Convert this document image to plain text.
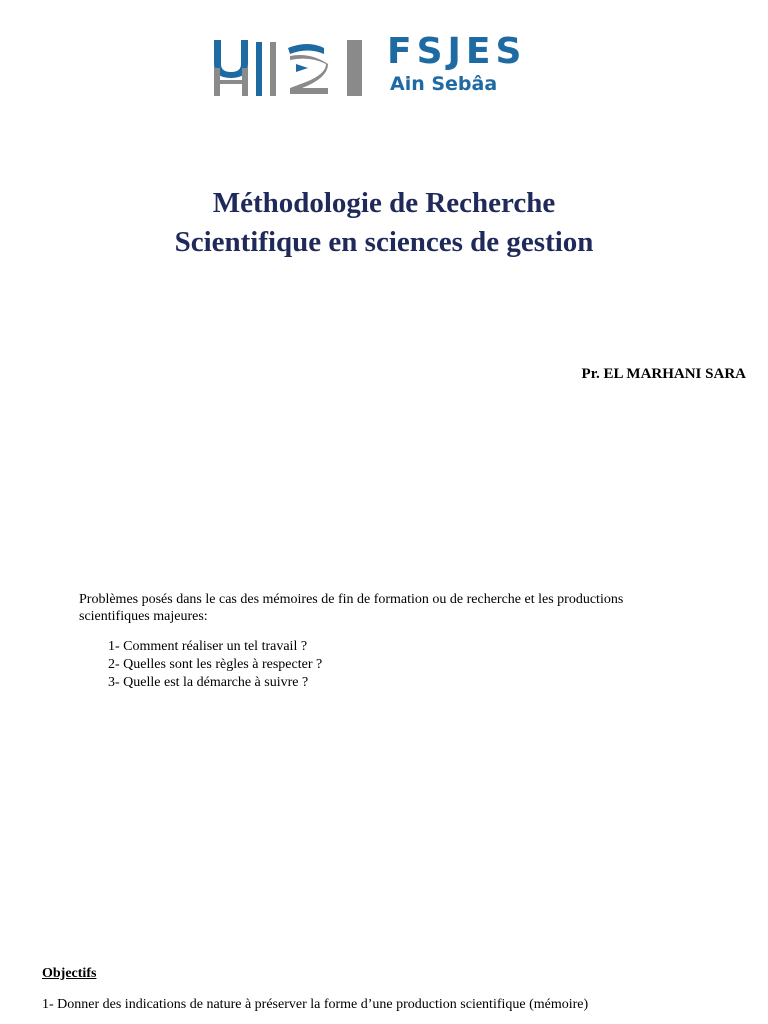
FSJES
Ain Sebâa
Méthodologie de Recherche
Scientifique en sciences de gestion
Pr. EL MARHANI SARA
Problèmes posés dans le cas des mémoires de fin de formation ou de recherche et les productions scientifiques majeures:
1- Comment réaliser un tel travail ?
2- Quelles sont les règles à respecter ?
3- Quelle est la démarche à suivre ?
Objectifs
1- Donner des indications de nature à préserver la forme d’une production scientifique (mémoire)
